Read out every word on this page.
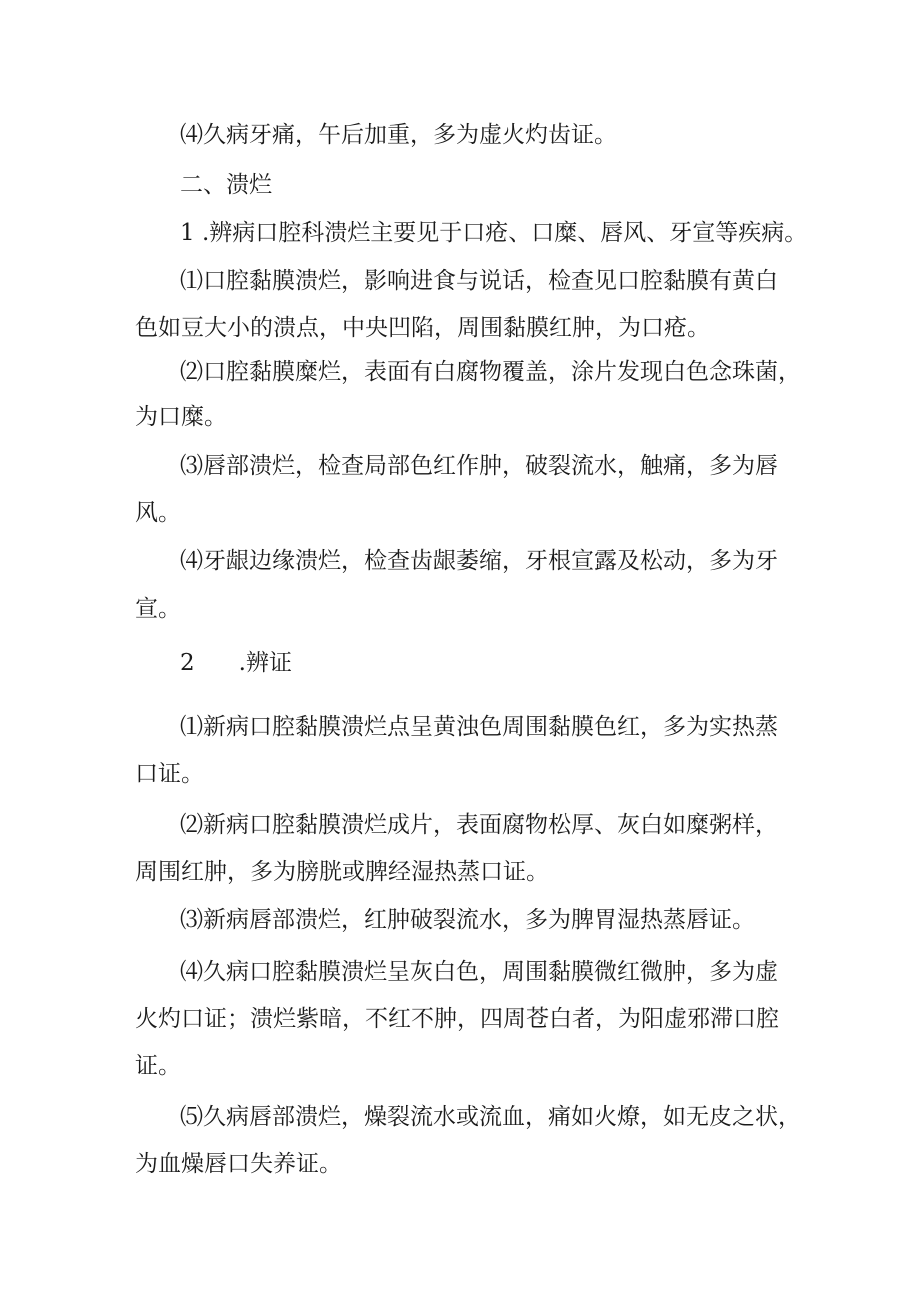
⑷久病牙痛，午后加重，多为虚火灼齿证。
二、溃烂
1 .辨病口腔科溃烂主要见于口疮、口糜、唇风、牙宣等疾病。
⑴口腔黏膜溃烂，影响进食与说话，检查见口腔黏膜有黄白
色如豆大小的溃点，中央凹陷，周围黏膜红肿，为口疮。
⑵口腔黏膜糜烂，表面有白腐物覆盖，涂片发现白色念珠菌，
为口糜。
⑶唇部溃烂，检查局部色红作肿，破裂流水，触痛，多为唇
风。
⑷牙龈边缘溃烂，检查齿龈萎缩，牙根宣露及松动，多为牙
宣。
2 .辨证
⑴新病口腔黏膜溃烂点呈黄浊色周围黏膜色红，多为实热蒸
口证。
⑵新病口腔黏膜溃烂成片，表面腐物松厚、灰白如糜粥样，
周围红肿，多为膀胱或脾经湿热蒸口证。
⑶新病唇部溃烂，红肿破裂流水，多为脾胃湿热蒸唇证。
⑷久病口腔黏膜溃烂呈灰白色，周围黏膜微红微肿，多为虚
火灼口证；溃烂紫暗，不红不肿，四周苍白者，为阳虚邪滞口腔
证。
⑸久病唇部溃烂，燥裂流水或流血，痛如火燎，如无皮之状，
为血燥唇口失养证。
